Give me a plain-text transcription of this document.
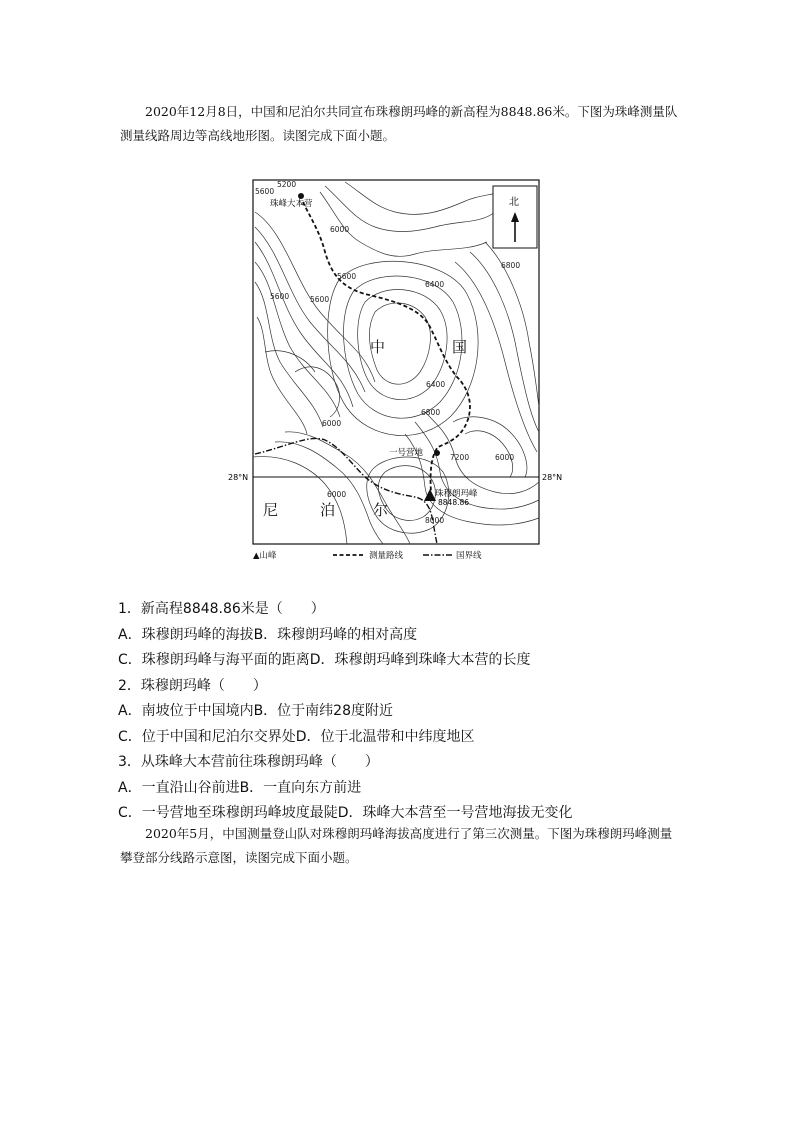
2020年12月8日，中国和尼泊尔共同宣布珠穆朗玛峰的新高程为8848.86米。下图为珠峰测量队测量线路周边等高线地形图。读图完成下面小题。

28°N	28°N
珠峰大本营
一号营地
珠穆朗玛峰
8848.86
5600
5200
6000
5600
5600	5600
6400
6800
6400
6800
6000
7200	6000
6000
8000
中	国
尼	泊	尔
北
▲山峰	测量路线	国界线
1．新高程8848.86米是（　　）
A．珠穆朗玛峰的海拔B．珠穆朗玛峰的相对高度
C．珠穆朗玛峰与海平面的距离D．珠穆朗玛峰到珠峰大本营的长度
2．珠穆朗玛峰（　　）
A．南坡位于中国境内B．位于南纬28度附近
C．位于中国和尼泊尔交界处D．位于北温带和中纬度地区
3．从珠峰大本营前往珠穆朗玛峰（　　）
A．一直沿山谷前进B．一直向东方前进
C．一号营地至珠穆朗玛峰坡度最陡D．珠峰大本营至一号营地海拔无变化

2020年5月，中国测量登山队对珠穆朗玛峰海拔高度进行了第三次测量。下图为珠穆朗玛峰测量攀登部分线路示意图，读图完成下面小题。
